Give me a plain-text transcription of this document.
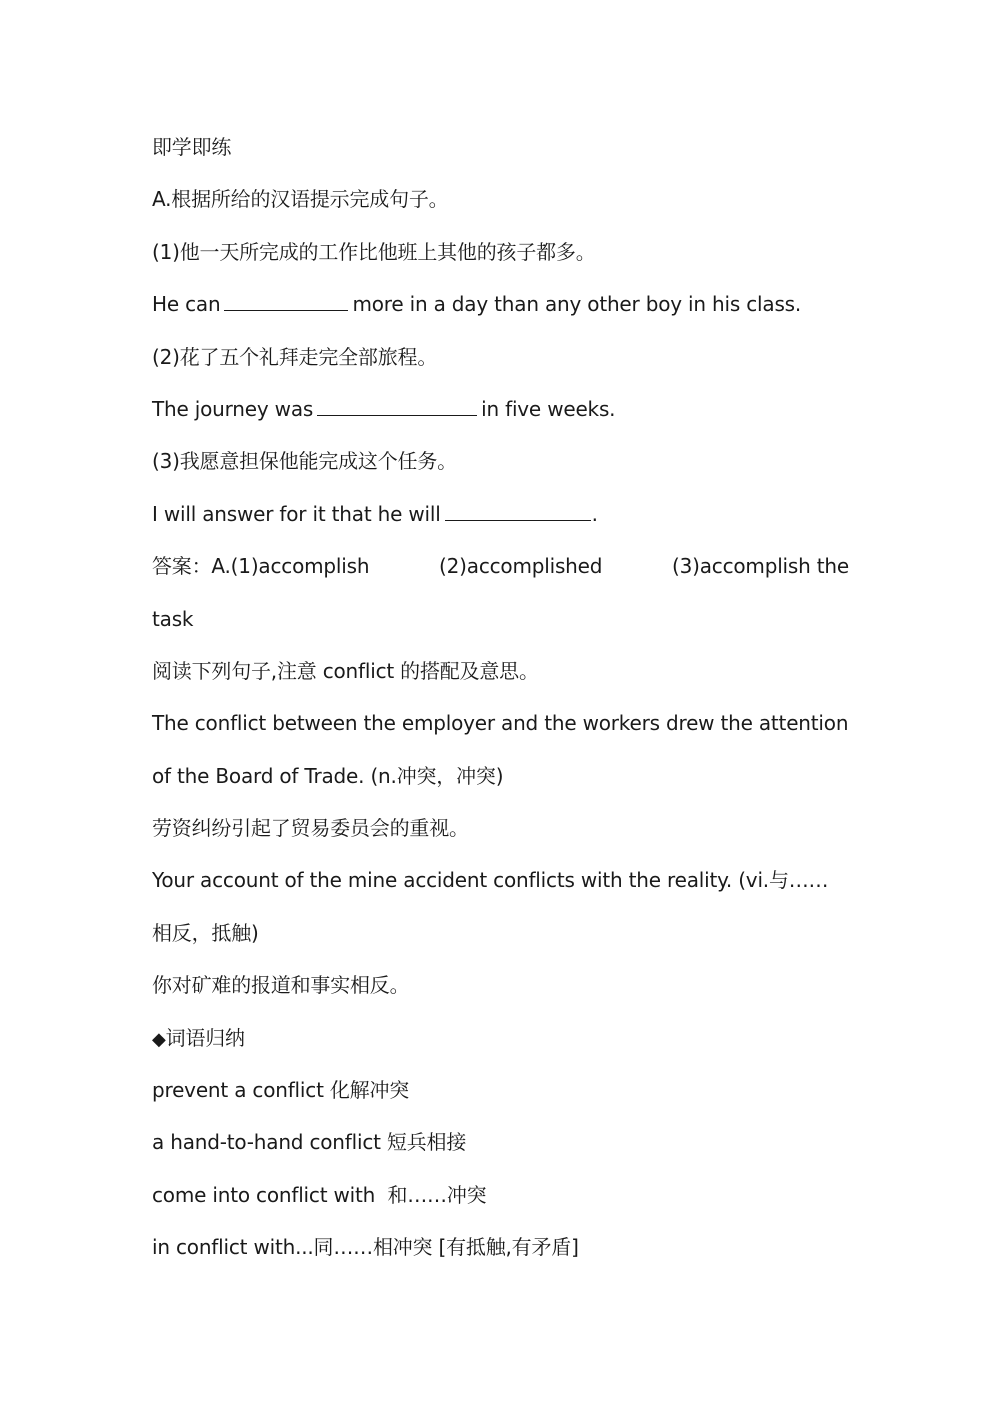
即学即练
A.根据所给的汉语提示完成句子。
(1)他一天所完成的工作比他班上其他的孩子都多。
He can	more in a day than any other boy in his class.
(2)花了五个礼拜走完全部旅程。
The journey was	in five weeks.
(3)我愿意担保他能完成这个任务。
I will answer for it that he will	.
答案：A.(1)accomplish	(2)accomplished	(3)accomplish the
task
阅读下列句子,注意 conflict 的搭配及意思。
The conflict between the employer and the workers drew the attention
of the Board of Trade. (n.冲突，冲突)
劳资纠纷引起了贸易委员会的重视。
Your account of the mine accident conflicts with the reality. (vi.与……
相反，抵触)
你对矿难的报道和事实相反。
◆词语归纳
prevent a conflict 化解冲突
a hand-to-hand conflict 短兵相接
come into conflict with  和……冲突
in conflict with...同……相冲突 [有抵触,有矛盾]
